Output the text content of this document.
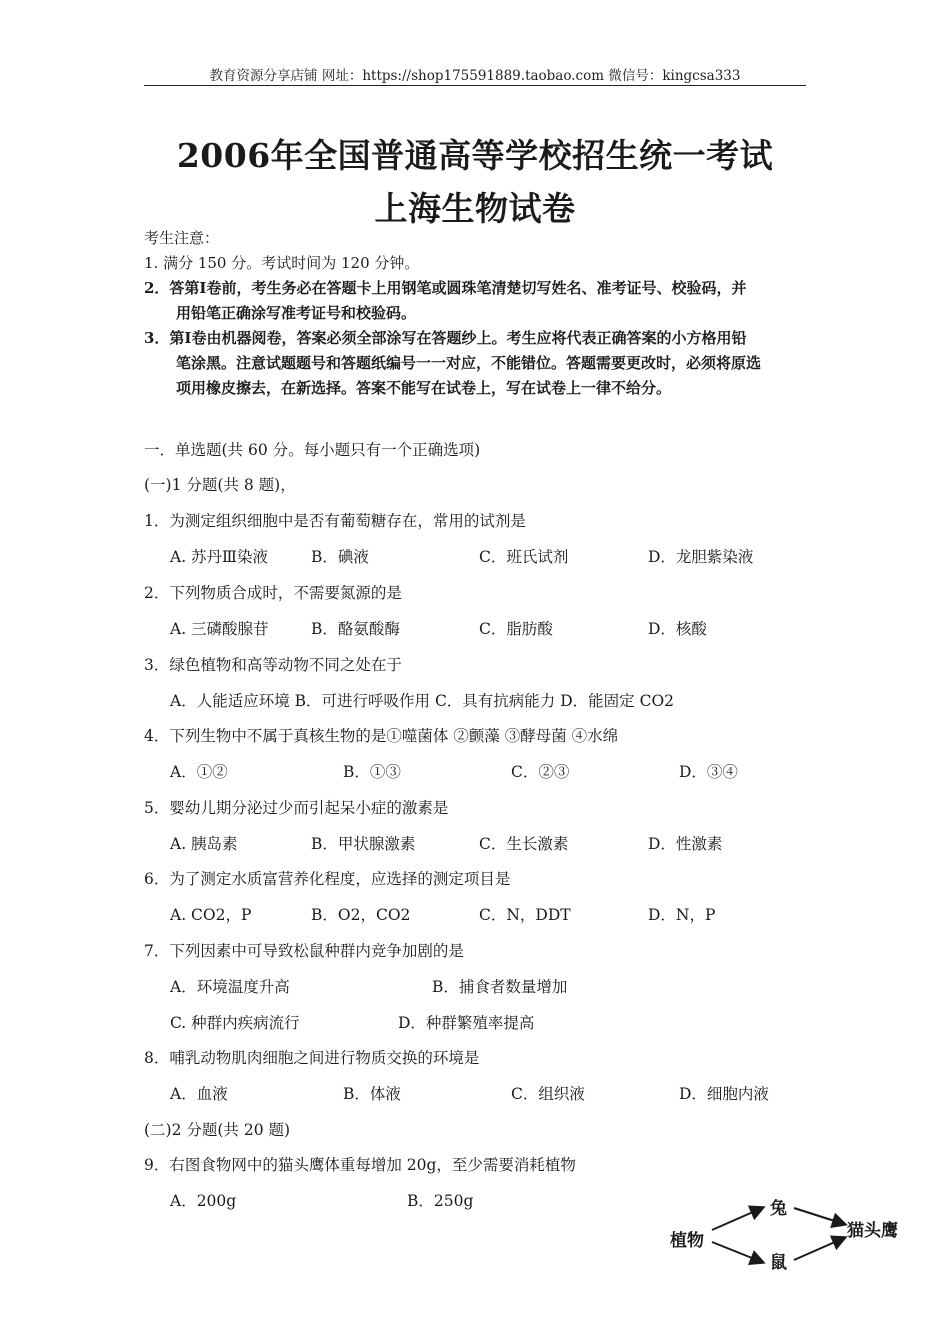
教育资源分享店铺 网址：https://shop175591889.taobao.com 微信号：kingcsa333
2006年全国普通高等学校招生统一考试
上海生物试卷
考生注意：
1. 满分 150 分。考试时间为 120 分钟。
2．答第Ⅰ卷前，考生务必在答题卡上用钢笔或圆珠笔清楚切写姓名、准考证号、校验码，并
用铅笔正确涂写准考证号和校验码。
3．第Ⅰ卷由机器阅卷，答案必须全部涂写在答题纱上。考生应将代表正确答案的小方格用铅
笔涂黑。注意试题题号和答题纸编号一一对应，不能错位。答题需要更改时，必须将原选
项用橡皮擦去，在新选择。答案不能写在试卷上，写在试卷上一律不给分。
一．单选题(共 60 分。每小题只有一个正确选项)
(一)1 分题(共 8 题)，
1．为测定组织细胞中是否有葡萄糖存在，常用的试剂是
A. 苏丹Ⅲ染液	B．碘液	C．班氏试剂	D．龙胆紫染液
2．下列物质合成时，不需要氮源的是
A. 三磷酸腺苷	B．酪氨酸酶	C．脂肪酸	D．核酸
3．绿色植物和高等动物不同之处在于
A．人能适应环境 B．可进行呼吸作用 C．具有抗病能力 D．能固定 CO2
4．下列生物中不属于真核生物的是①噬菌体 ②颤藻 ③酵母菌 ④水绵
A．①②	B．①③	C．②③	D．③④
5．婴幼儿期分泌过少而引起呆小症的激素是
A. 胰岛素	B．甲状腺激素	C．生长激素	D．性激素
6．为了测定水质富营养化程度，应选择的测定项目是
A. CO2，P	B．O2，CO2	C．N，DDT	D．N，P
7．下列因素中可导致松鼠种群内竞争加剧的是
A．环境温度升高	B．捕食者数量增加
C. 种群内疾病流行	D．种群繁殖率提高
8．哺乳动物肌肉细胞之间进行物质交换的环境是
A．血液	B．体液	C．组织液	D．细胞内液
(二)2 分题(共 20 题)
9．右图食物网中的猫头鹰体重每增加 20g，至少需要消耗植物
A．200g	B．250g
植物
兔
鼠
猫头鹰
